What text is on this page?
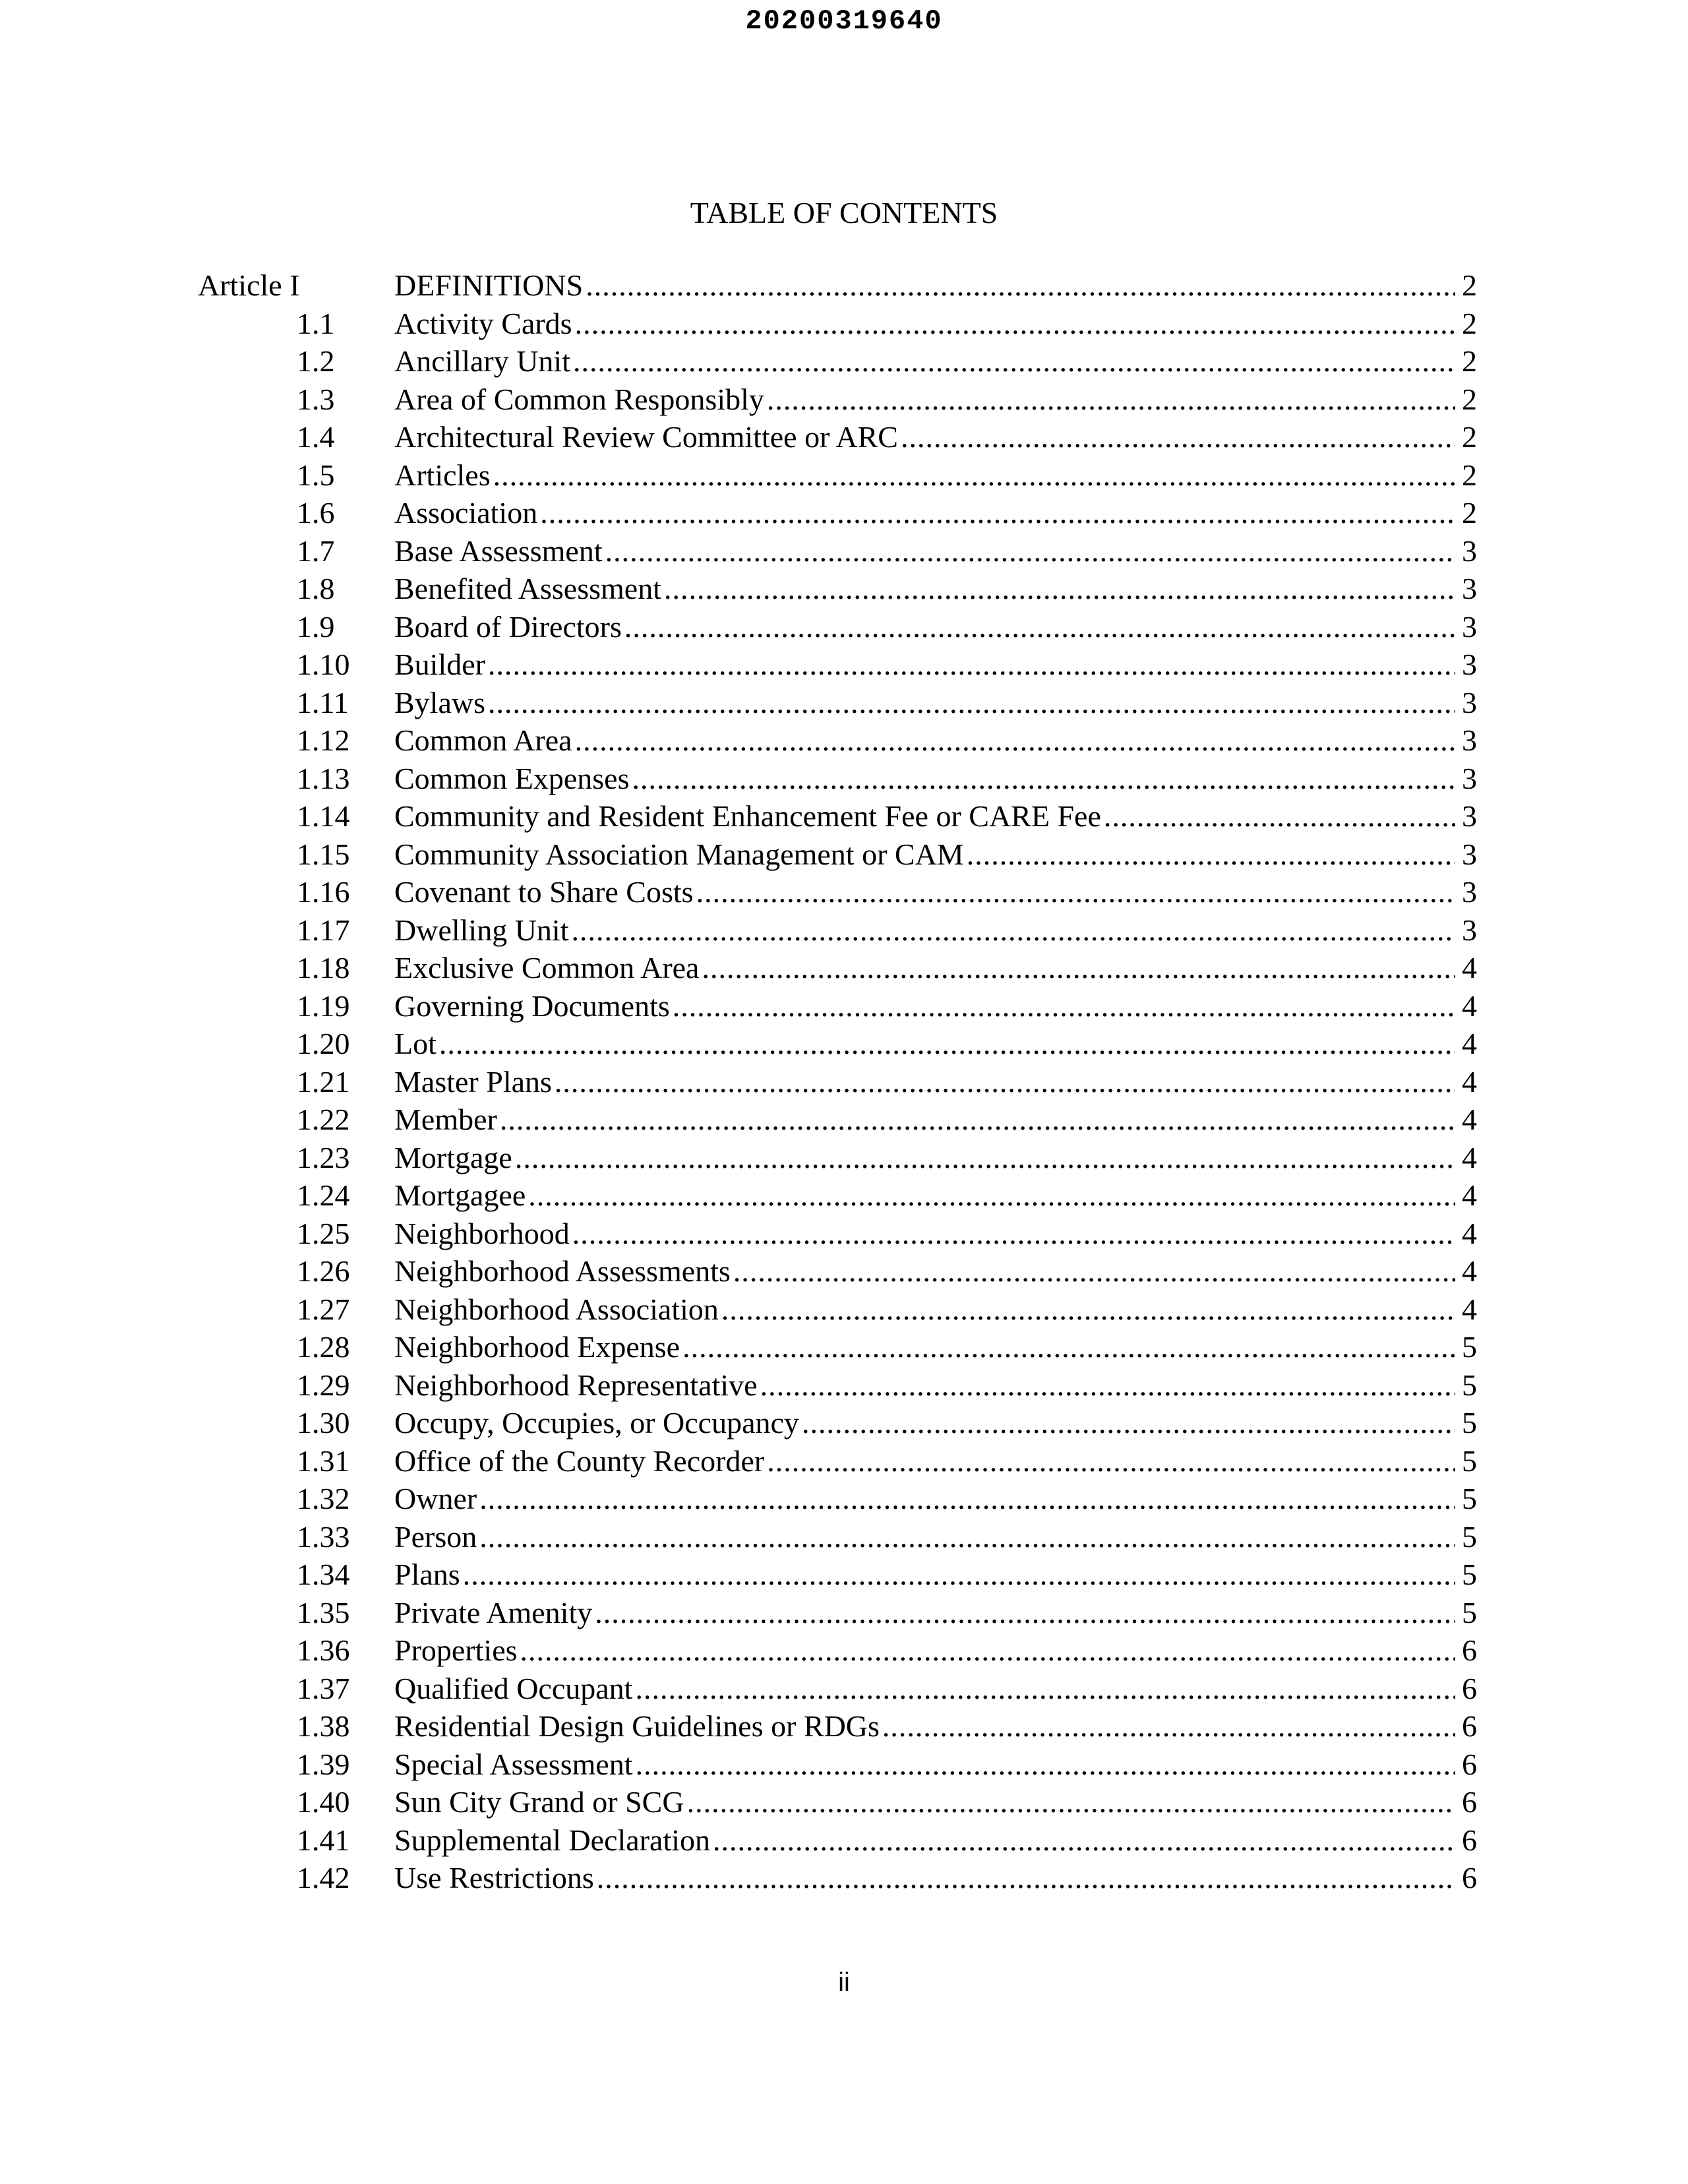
20200319640
TABLE OF CONTENTS
Article I	DEFINITIONS .....	2
1.1 Activity Cards .....	2
1.2 Ancillary Unit .....	2
1.3 Area of Common Responsibly .....	2
1.4 Architectural Review Committee or ARC .....	2
1.5 Articles .....	2
1.6 Association .....	2
1.7 Base Assessment .....	3
1.8 Benefited Assessment .....	3
1.9 Board of Directors .....	3
1.10 Builder .....	3
1.11 Bylaws .....	3
1.12 Common Area .....	3
1.13 Common Expenses .....	3
1.14 Community and Resident Enhancement Fee or CARE Fee .....	3
1.15 Community Association Management or CAM .....	3
1.16 Covenant to Share Costs .....	3
1.17 Dwelling Unit .....	3
1.18 Exclusive Common Area .....	4
1.19 Governing Documents .....	4
1.20 Lot .....	4
1.21 Master Plans .....	4
1.22 Member .....	4
1.23 Mortgage .....	4
1.24 Mortgagee .....	4
1.25 Neighborhood .....	4
1.26 Neighborhood Assessments .....	4
1.27 Neighborhood Association .....	4
1.28 Neighborhood Expense .....	5
1.29 Neighborhood Representative .....	5
1.30 Occupy, Occupies, or Occupancy .....	5
1.31 Office of the County Recorder .....	5
1.32 Owner .....	5
1.33 Person .....	5
1.34 Plans .....	5
1.35 Private Amenity .....	5
1.36 Properties .....	6
1.37 Qualified Occupant .....	6
1.38 Residential Design Guidelines or RDGs .....	6
1.39 Special Assessment .....	6
1.40 Sun City Grand or SCG .....	6
1.41 Supplemental Declaration .....	6
1.42 Use Restrictions .....	6
ii
